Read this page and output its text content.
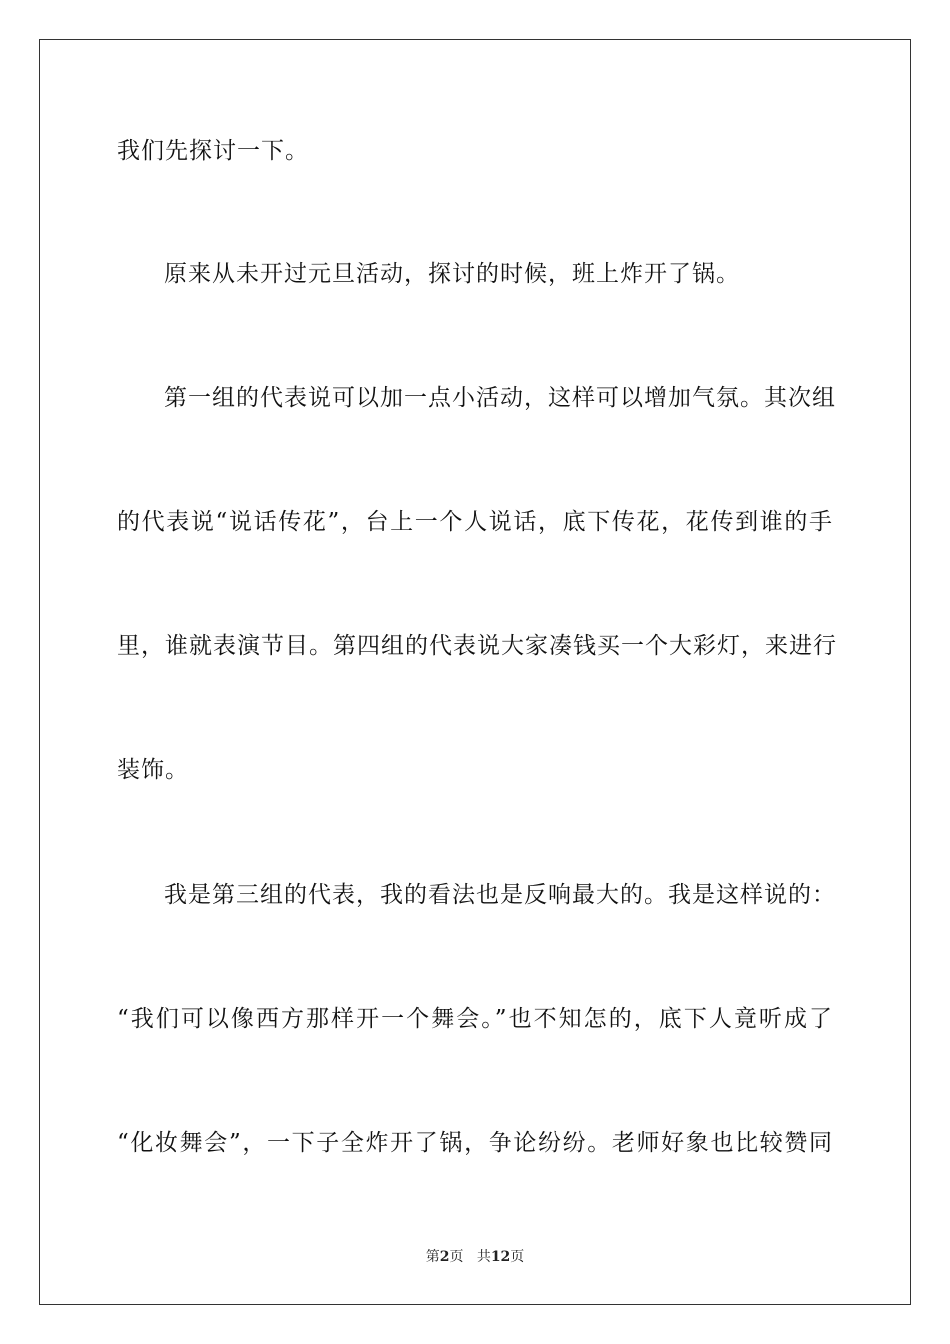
我们先探讨一下。
原来从未开过元旦活动，探讨的时候，班上炸开了锅。
第一组的代表说可以加一点小活动，这样可以增加气氛。其次组
的代表说“说话传花”，台上一个人说话，底下传花，花传到谁的手
里，谁就表演节目。第四组的代表说大家凑钱买一个大彩灯，来进行
装饰。
我是第三组的代表，我的看法也是反响最大的。我是这样说的：
“我们可以像西方那样开一个舞会。”也不知怎的，底下人竟听成了
“化妆舞会”，一下子全炸开了锅，争论纷纷。老师好象也比较赞同
第2页 共12页
